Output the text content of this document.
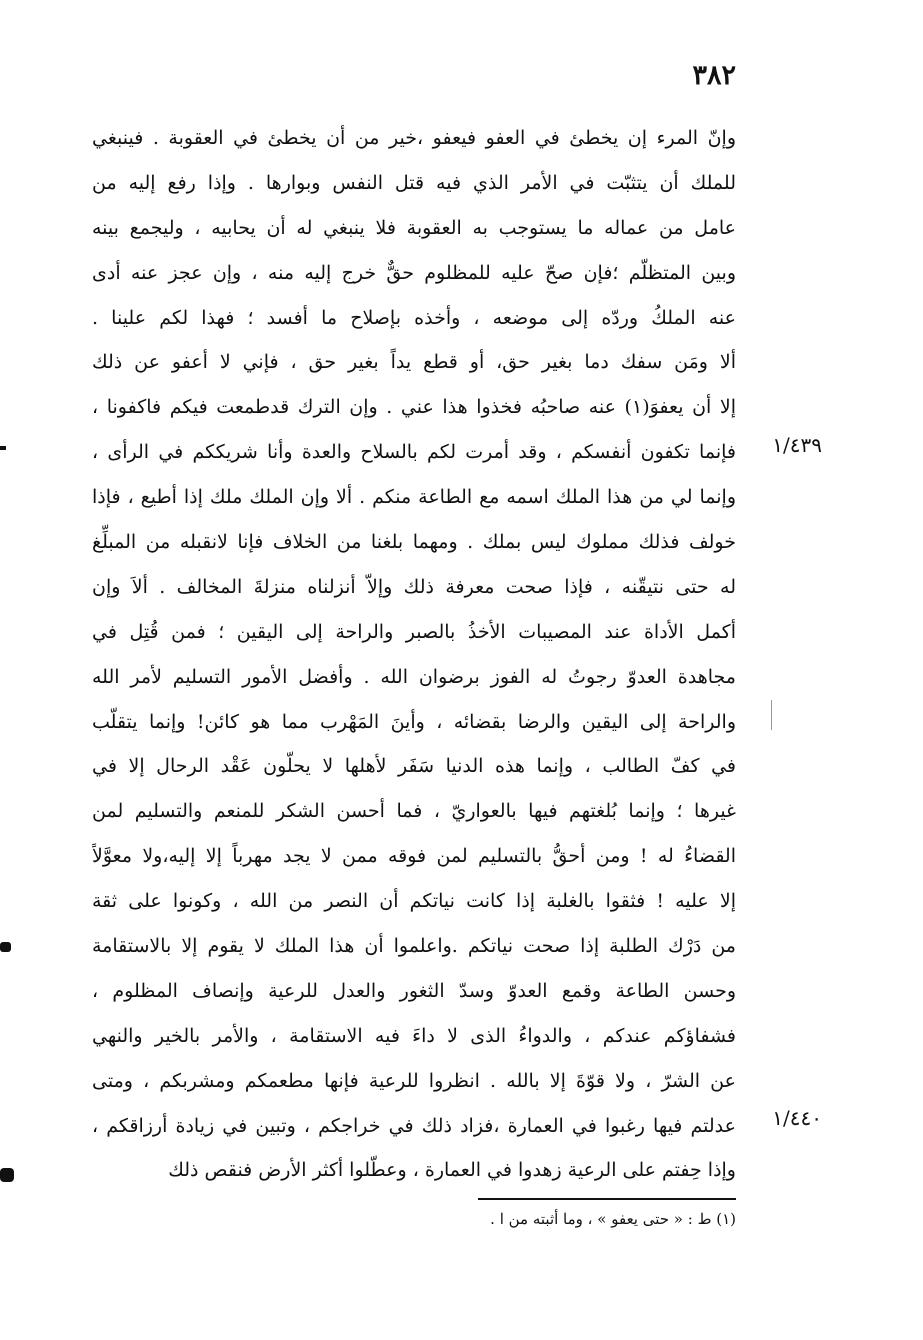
٣٨٢
وإنّ المرء إن يخطئ في العفو فيعفو ،خير من أن يخطئ في العقوبة . فينبغي
للملك أن يتثبّت في الأمر الذي فيه قتل النفس وبوارها . وإذا رفع إليه من
عامل من عماله ما يستوجب به العقوبة فلا ينبغي له أن يحابيه ، وليجمع بينه
وبين المتظلّم ؛فإن صحّ عليه للمظلوم حقٌّ خرج إليه منه ، وإن عجز عنه أدى
عنه الملكُ وردّه إلى موضعه ، وأخذه بإصلاح ما أفسد ؛ فهذا لكم علينا .
ألا ومَن سفك دما بغير حق، أو قطع يداً بغير حق ، فإني لا أعفو عن ذلك
إلا أن يعفوَ(١) عنه صاحبُه فخذوا هذا عني . وإن الترك قدطمعت فيكم فاكفونا ،
فإنما تكفون أنفسكم ، وقد أمرت لكم بالسلاح والعدة وأنا شريككم في الرأى ،
وإنما لي من هذا الملك اسمه مع الطاعة منكم . ألا وإن الملك ملك إذا أطيع ، فإذا
خولف فذلك مملوك ليس بملك . ومهما بلغنا من الخلاف فإنا لانقبله من المبلِّغ
له حتى نتيقّنه ، فإذا صحت معرفة ذلك وإلاّ أنزلناه منزلةَ المخالف . ألاَ وإن
أكمل الأداة عند المصيبات الأخذُ بالصبر والراحة إلى اليقين ؛ فمن قُتِل في
مجاهدة العدوّ رجوتُ له الفوز برضوان الله . وأفضل الأمور التسليم لأمر الله
والراحة إلى اليقين والرضا بقضائه ، وأينَ المَهْرب مما هو كائن! وإنما يتقلّب
في كفّ الطالب ، وإنما هذه الدنيا سَفَر لأهلها لا يحلّون عَقْد الرحال إلا في
غيرها ؛ وإنما بُلغتهم فيها بالعواريّ ، فما أحسن الشكر للمنعم والتسليم لمن
القضاءُ له ! ومن أحقُّ بالتسليم لمن فوقه ممن لا يجد مهرباً إلا إليه،ولا معوَّلاً
إلا عليه ! فثقوا بالغلبة إذا كانت نياتكم أن النصر من الله ، وكونوا على ثقة
من دَرْك الطلبة إذا صحت نياتكم .واعلموا أن هذا الملك لا يقوم إلا بالاستقامة
وحسن الطاعة وقمع العدوّ وسدّ الثغور والعدل للرعية وإنصاف المظلوم ،
فشفاؤكم عندكم ، والدواءُ الذى لا داءَ فيه الاستقامة ، والأمر بالخير والنهي
عن الشرّ ، ولا قوّةَ إلا بالله . انظروا للرعية فإنها مطعمكم ومشربكم ، ومتى
عدلتم فيها رغبوا في العمارة ،فزاد ذلك في خراجكم ، وتبين في زيادة أرزاقكم ،
وإذا حِفتم على الرعية زهدوا في العمارة ، وعطّلوا أكثر الأرض فنقص ذلك
١/٤٣٩
١/٤٤٠
(١) ط : « حتى يعفو » ، وما أثبته من ا .
